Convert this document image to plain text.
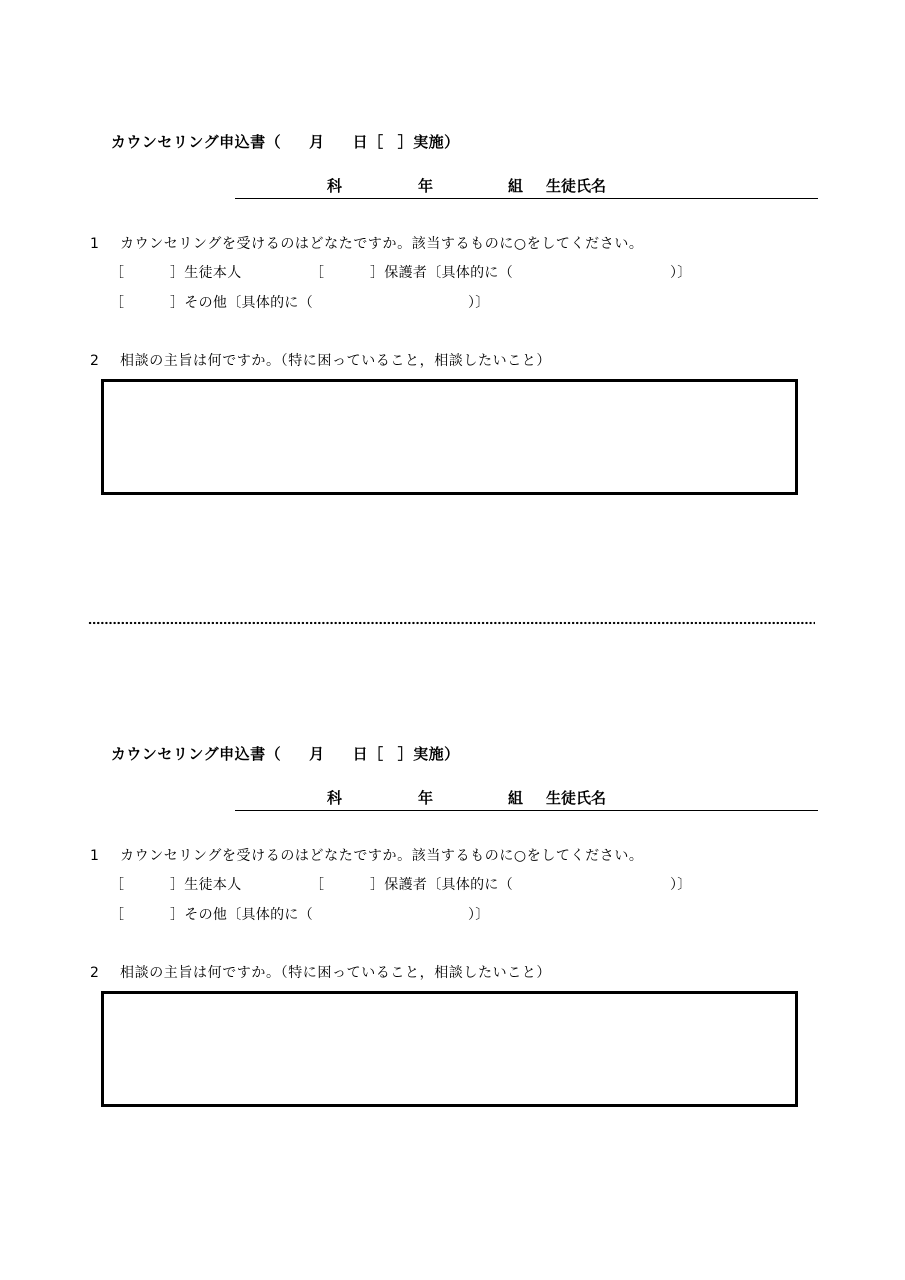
カウンセリング申込書（ 月 日［ ］実施）

科	年	組 生徒氏名
1 カウンセリングを受けるのはどなたですか。該当するものに○をしてください。
［	］生徒本人	［	］保護者〔具体的に（	）〕
［	］その他〔具体的に（	）〕
2 相談の主旨は何ですか。（特に困っていること，相談したいこと）

カウンセリング申込書（ 月 日［ ］実施）

科	年	組 生徒氏名
1 カウンセリングを受けるのはどなたですか。該当するものに○をしてください。
［	］生徒本人	［	］保護者〔具体的に（	）〕
［	］その他〔具体的に（	）〕
2 相談の主旨は何ですか。（特に困っていること，相談したいこと）
